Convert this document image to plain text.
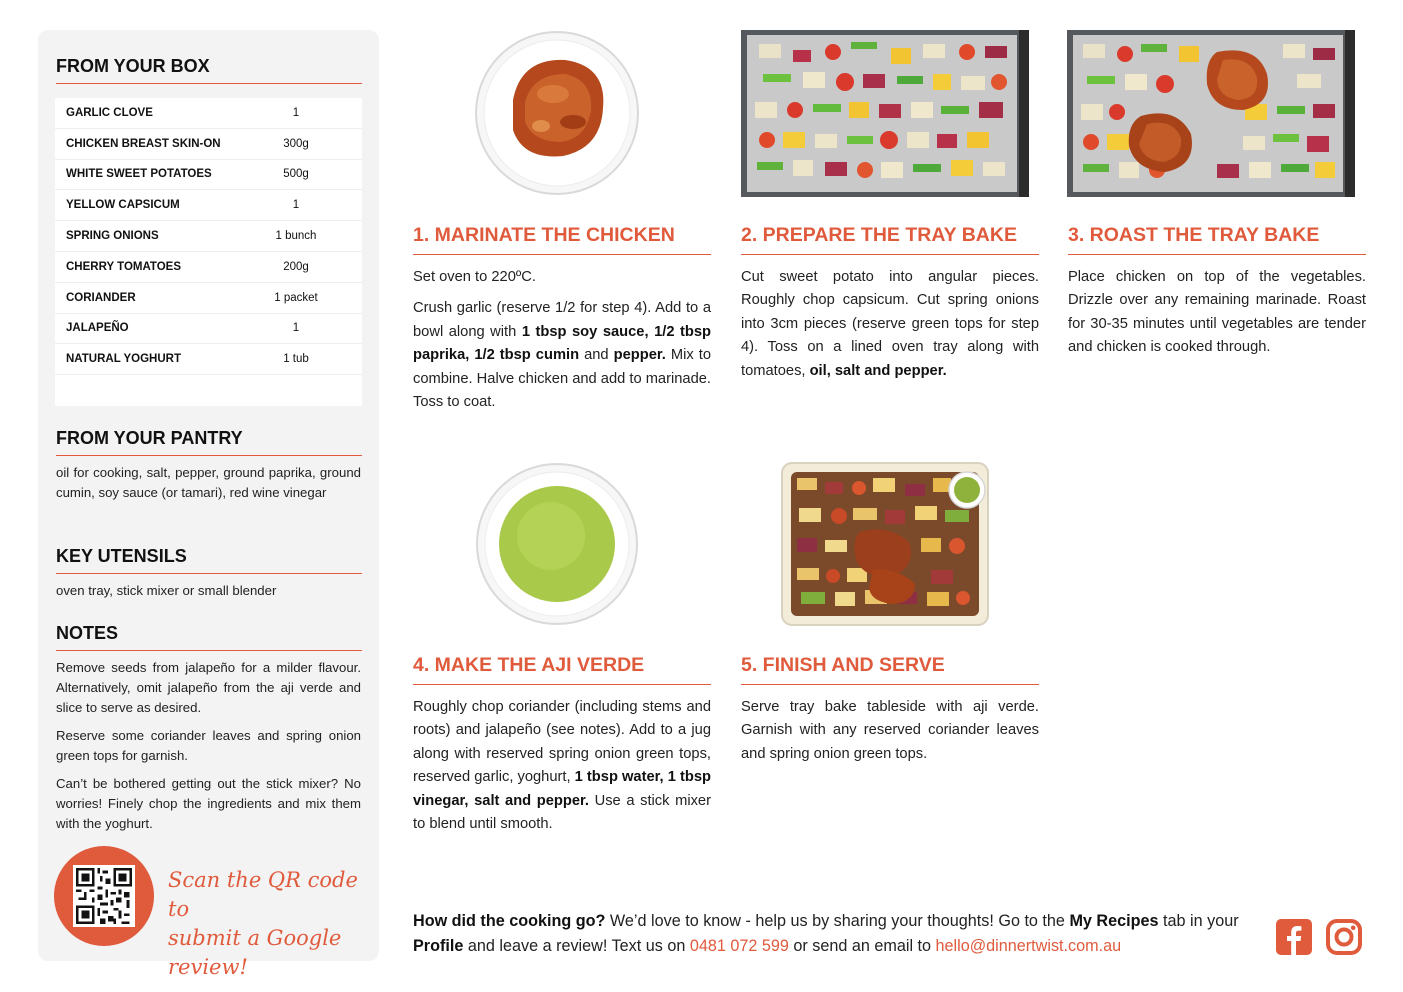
FROM YOUR BOX
GARLIC CLOVE	1
CHICKEN BREAST SKIN-ON	300g
WHITE SWEET POTATOES	500g
YELLOW CAPSICUM	1
SPRING ONIONS	1 bunch
CHERRY TOMATOES	200g
CORIANDER	1 packet
JALAPEÑO	1
NATURAL YOGHURT	1 tub
FROM YOUR PANTRY
oil for cooking, salt, pepper, ground paprika, ground cumin, soy sauce (or tamari), red wine vinegar
KEY UTENSILS
oven tray, stick mixer or small blender
NOTES

Remove seeds from jalapeño for a milder flavour. Alternatively, omit jalapeño from the aji verde and slice to serve as desired.

Reserve some coriander leaves and spring onion green tops for garnish.

Can’t be bothered getting out the stick mixer? No worries! Finely chop the ingredients and mix them with the yoghurt.

Scan the QR code to
submit a Google review!
1. MARINATE THE CHICKEN

Set oven to 220ºC.

Crush garlic (reserve 1/2 for step 4). Add to a bowl along with 1 tbsp soy sauce, 1/2 tbsp paprika, 1/2 tbsp cumin and pepper. Mix to combine. Halve chicken and add to marinade. Toss to coat.

2. PREPARE THE TRAY BAKE

Cut sweet potato into angular pieces. Roughly chop capsicum. Cut spring onions into 3cm pieces (reserve green tops for step 4). Toss on a lined oven tray along with tomatoes, oil, salt and pepper.

3. ROAST THE TRAY BAKE

Place chicken on top of the vegetables. Drizzle over any remaining marinade. Roast for 30-35 minutes until vegetables are tender and chicken is cooked through.

4. MAKE THE AJI VERDE

Roughly chop coriander (including stems and roots) and jalapeño (see notes). Add to a jug along with reserved spring onion green tops, reserved garlic, yoghurt, 1 tbsp water, 1 tbsp vinegar, salt and pepper. Use a stick mixer to blend until smooth.

5. FINISH AND SERVE

Serve tray bake tableside with aji verde. Garnish with any reserved coriander leaves and spring onion green tops.

How did the cooking go? We’d love to know - help us by sharing your thoughts! Go to the My Recipes tab in your Profile and leave a review! Text us on 0481 072 599 or send an email to hello@dinnertwist.com.au
